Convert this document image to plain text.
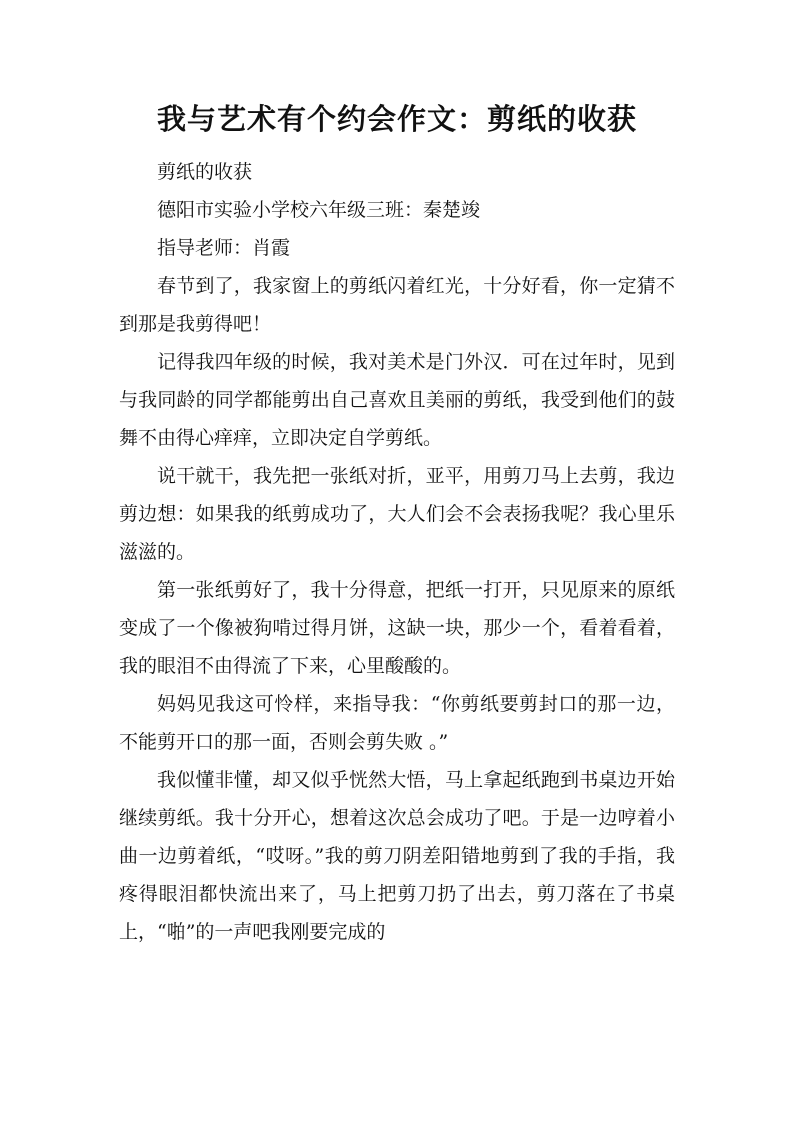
我与艺术有个约会作文：剪纸的收获

剪纸的收获

德阳市实验小学校六年级三班：秦楚竣

指导老师：肖霞

春节到了，我家窗上的剪纸闪着红光，十分好看，你一定猜不到那是我剪得吧！

记得我四年级的时候，我对美术是门外汉．可在过年时，见到与我同龄的同学都能剪出自己喜欢且美丽的剪纸，我受到他们的鼓舞不由得心痒痒，立即决定自学剪纸。

说干就干，我先把一张纸对折，亚平，用剪刀马上去剪，我边剪边想：如果我的纸剪成功了，大人们会不会表扬我呢？我心里乐滋滋的。

第一张纸剪好了，我十分得意，把纸一打开，只见原来的原纸变成了一个像被狗啃过得月饼，这缺一块，那少一个，看着看着，我的眼泪不由得流了下来，心里酸酸的。

妈妈见我这可怜样，来指导我：“你剪纸要剪封口的那一边，不能剪开口的那一面，否则会剪失败 。”

我似懂非懂，却又似乎恍然大悟，马上拿起纸跑到书桌边开始继续剪纸。我十分开心，想着这次总会成功了吧。于是一边哼着小曲一边剪着纸，“哎呀。”我的剪刀阴差阳错地剪到了我的手指，我疼得眼泪都快流出来了，马上把剪刀扔了出去，剪刀落在了书桌上，“啪”的一声吧我刚要完成的
